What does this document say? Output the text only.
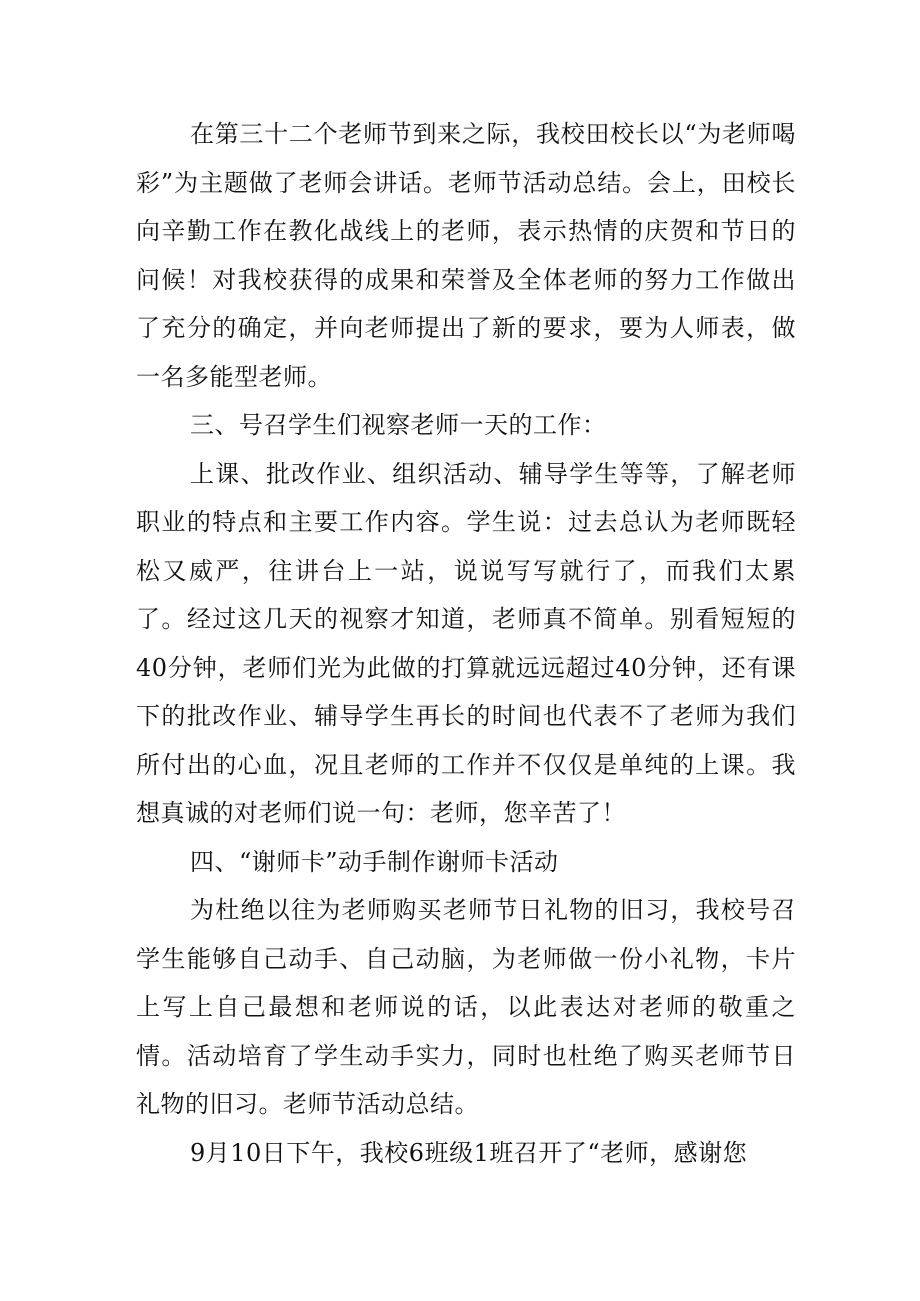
在第三十二个老师节到来之际，我校田校长以“为老师喝彩”为主题做了老师会讲话。老师节活动总结。会上，田校长向辛勤工作在教化战线上的老师，表示热情的庆贺和节日的问候！对我校获得的成果和荣誉及全体老师的努力工作做出了充分的确定，并向老师提出了新的要求，要为人师表，做一名多能型老师。

三、号召学生们视察老师一天的工作：

上课、批改作业、组织活动、辅导学生等等，了解老师职业的特点和主要工作内容。学生说：过去总认为老师既轻松又威严，往讲台上一站，说说写写就行了，而我们太累了。经过这几天的视察才知道，老师真不简单。别看短短的40分钟，老师们光为此做的打算就远远超过40分钟，还有课下的批改作业、辅导学生再长的时间也代表不了老师为我们所付出的心血，况且老师的工作并不仅仅是单纯的上课。我想真诚的对老师们说一句：老师，您辛苦了！

四、“谢师卡”动手制作谢师卡活动

为杜绝以往为老师购买老师节日礼物的旧习，我校号召学生能够自己动手、自己动脑，为老师做一份小礼物，卡片上写上自己最想和老师说的话，以此表达对老师的敬重之情。活动培育了学生动手实力，同时也杜绝了购买老师节日礼物的旧习。老师节活动总结。

9月10日下午，我校6班级1班召开了“老师，感谢您
